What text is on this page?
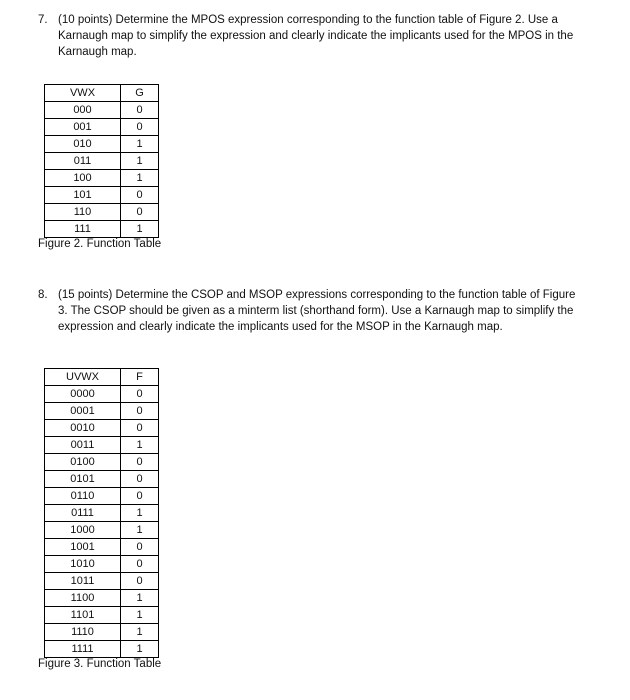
7. (10 points) Determine the MPOS expression corresponding to the function table of Figure 2. Use a Karnaugh map to simplify the expression and clearly indicate the implicants used for the MPOS in the Karnaugh map.
VWX	G
000	0
001	0
010	1
011	1
100	1
101	0
110	0
111	1
Figure 2. Function Table
8. (15 points) Determine the CSOP and MSOP expressions corresponding to the function table of Figure 3. The CSOP should be given as a minterm list (shorthand form). Use a Karnaugh map to simplify the expression and clearly indicate the implicants used for the MSOP in the Karnaugh map.
UVWX	F
0000	0
0001	0
0010	0
0011	1
0100	0
0101	0
0110	0
0111	1
1000	1
1001	0
1010	0
1011	0
1100	1
1101	1
1110	1
1111	1
Figure 3. Function Table
